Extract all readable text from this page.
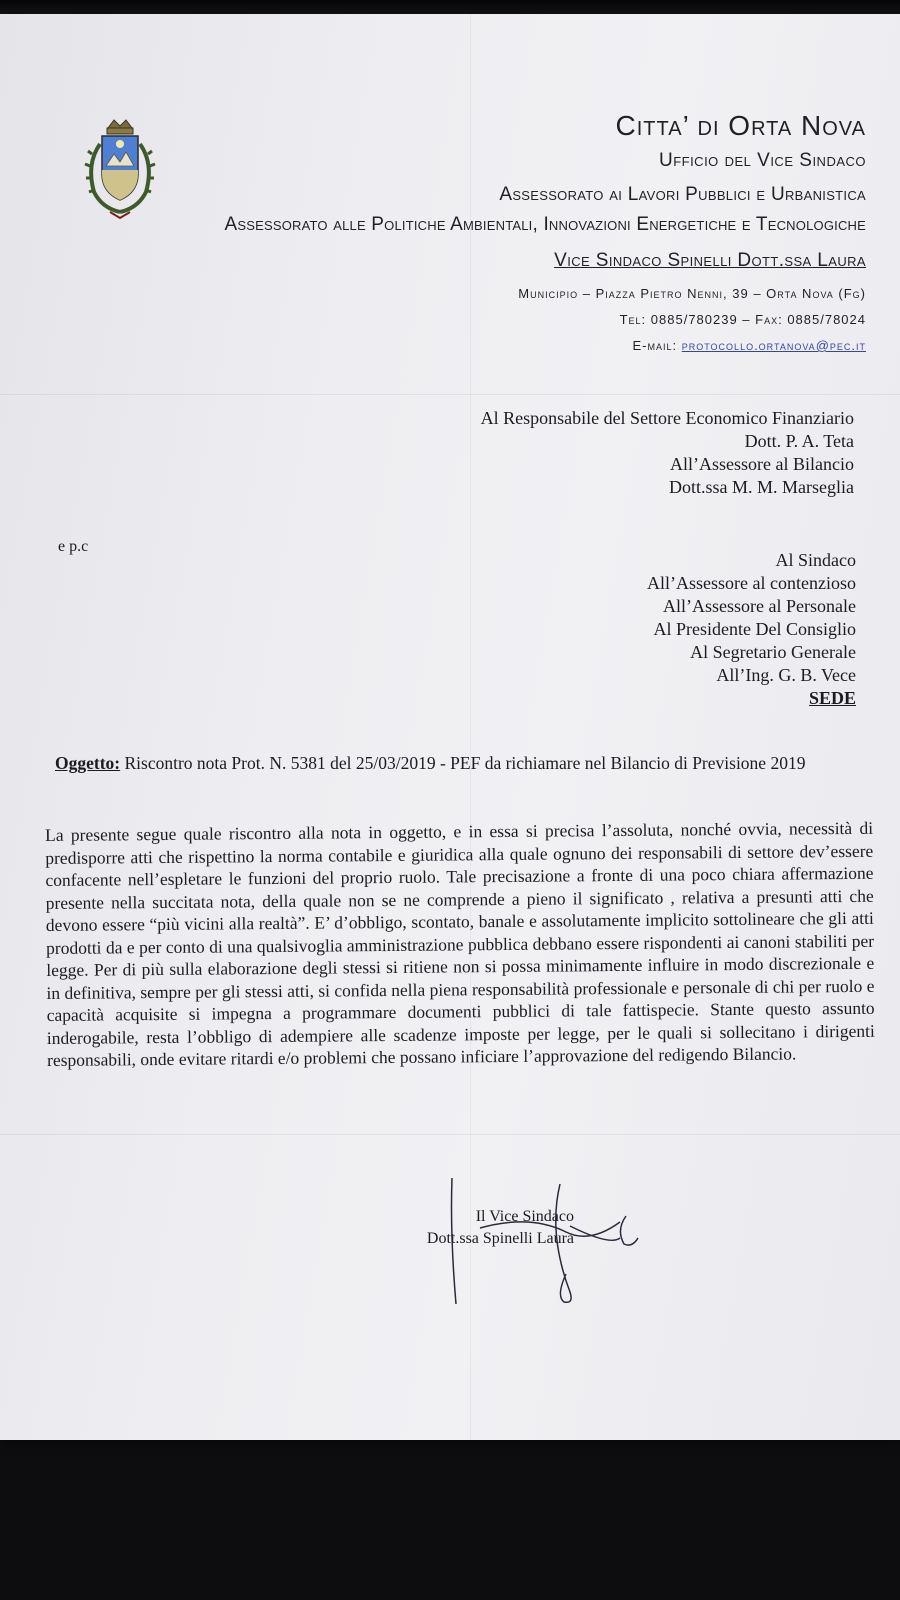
Citta’ di Orta Nova
Ufficio del Vice Sindaco
Assessorato ai Lavori Pubblici e Urbanistica
Assessorato alle Politiche Ambientali, Innovazioni Energetiche e Tecnologiche
Vice Sindaco Spinelli Dott.ssa Laura
Municipio – Piazza Pietro Nenni, 39 – Orta Nova (Fg)
Tel: 0885/780239 – Fax: 0885/78024
E-mail: protocollo.ortanova@pec.it
Al Responsabile del Settore Economico Finanziario
Dott. P. A. Teta
All’Assessore al Bilancio
Dott.ssa M. M. Marseglia
e p.c
Al Sindaco
All’Assessore al contenzioso
All’Assessore al Personale
Al Presidente Del Consiglio
Al Segretario Generale
All’Ing. G. B. Vece
SEDE
Oggetto: Riscontro nota Prot. N. 5381 del 25/03/2019 - PEF da richiamare nel Bilancio di Previsione 2019
La presente segue quale riscontro alla nota in oggetto, e in essa si precisa l’assoluta, nonché ovvia, necessità di predisporre atti che rispettino la norma contabile e giuridica alla quale ognuno dei responsabili di settore dev’essere confacente nell’espletare le funzioni del proprio ruolo. Tale precisazione a fronte di una poco chiara affermazione presente nella succitata nota, della quale non se ne comprende a pieno il significato , relativa a presunti atti che devono essere “più vicini alla realtà”. E’ d’obbligo, scontato, banale e assolutamente implicito sottolineare che gli atti prodotti da e per conto di una qualsivoglia amministrazione pubblica debbano essere rispondenti ai canoni stabiliti per legge. Per di più sulla elaborazione degli stessi si ritiene non si possa minimamente influire in modo discrezionale e in definitiva, sempre per gli stessi atti, si confida nella piena responsabilità professionale e personale di chi per ruolo e capacità acquisite si impegna a programmare documenti pubblici di tale fattispecie. Stante questo assunto inderogabile, resta l’obbligo di adempiere alle scadenze imposte per legge, per le quali si sollecitano i dirigenti responsabili, onde evitare ritardi e/o problemi che possano inficiare l’approvazione del redigendo Bilancio.
Il Vice Sindaco
Dott.ssa Spinelli Laura
